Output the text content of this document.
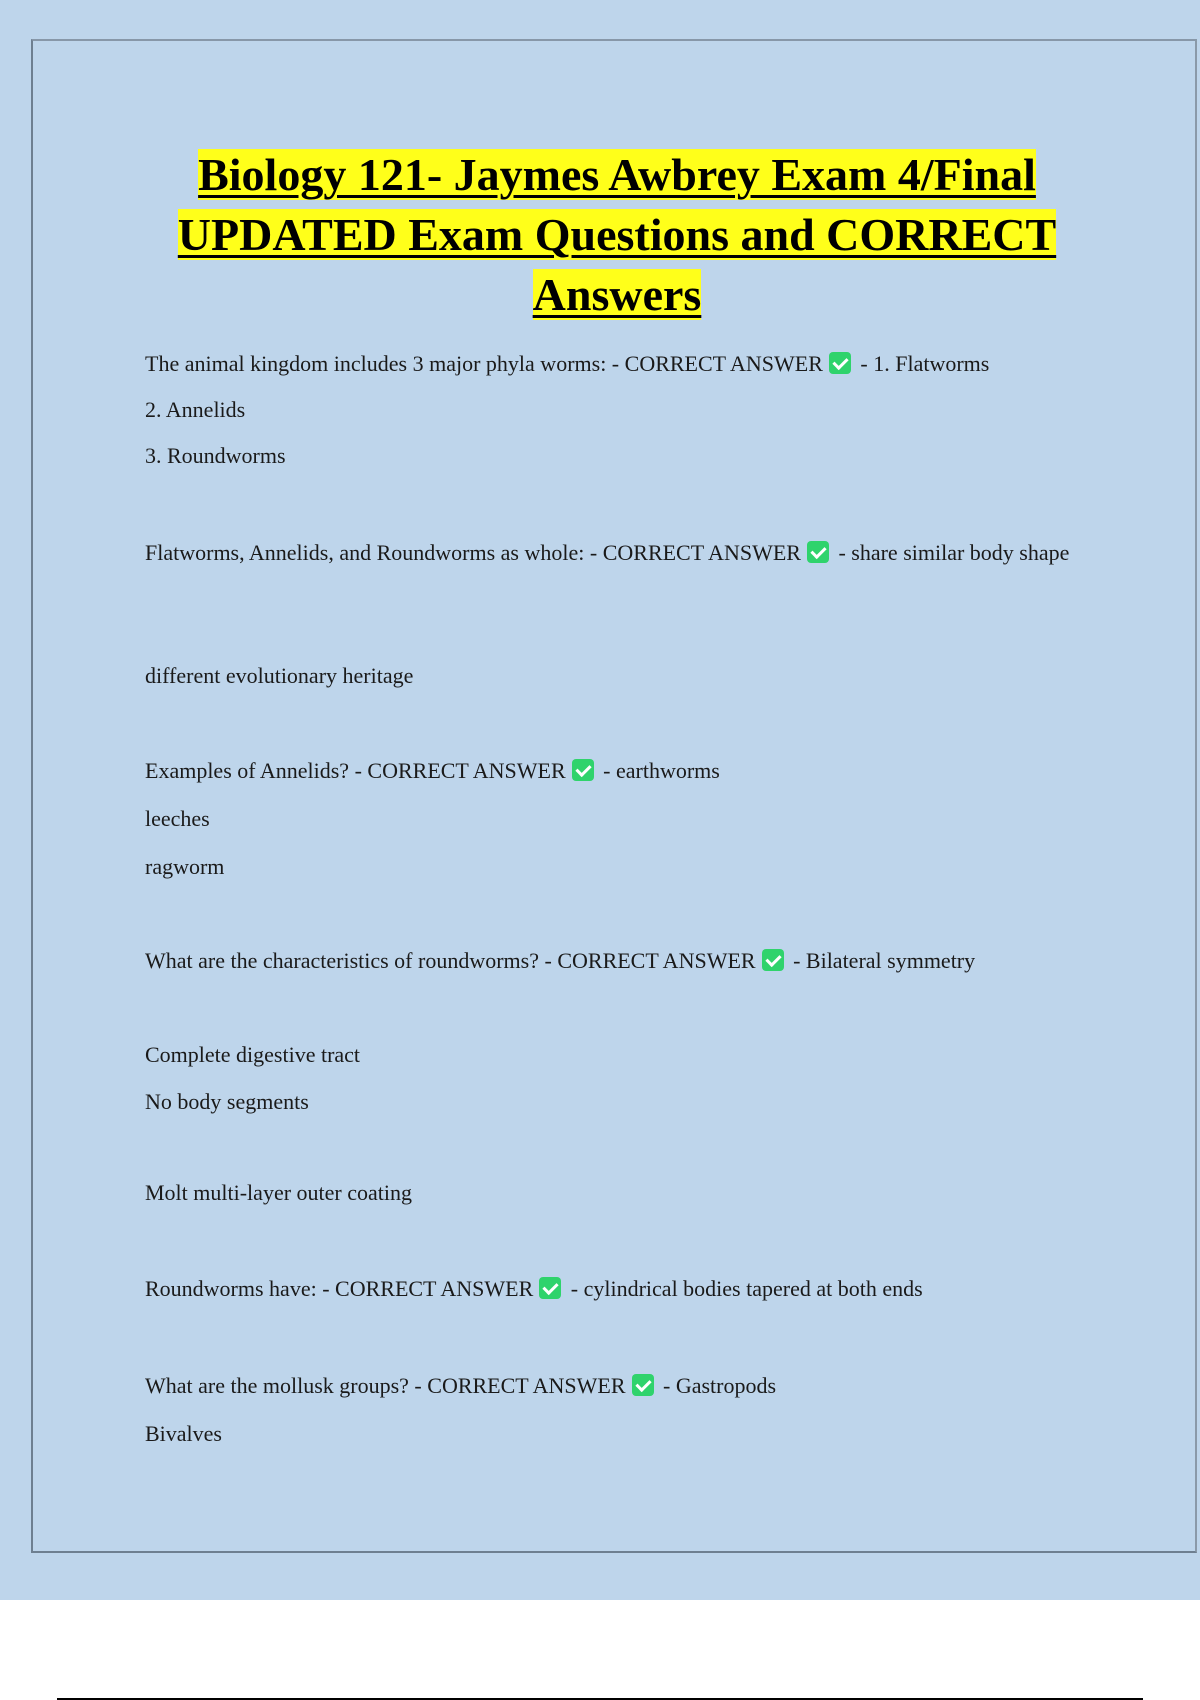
Biology 121- Jaymes Awbrey Exam 4/Final
UPDATED Exam Questions and CORRECT
Answers
The animal kingdom includes 3 major phyla worms: - CORRECT ANSWER - 1. Flatworms
2. Annelids
3. Roundworms
Flatworms, Annelids, and Roundworms as whole: - CORRECT ANSWER - share similar body shape
different evolutionary heritage
Examples of Annelids? - CORRECT ANSWER - earthworms
leeches
ragworm
What are the characteristics of roundworms? - CORRECT ANSWER - Bilateral symmetry
Complete digestive tract
No body segments
Molt multi-layer outer coating
Roundworms have: - CORRECT ANSWER - cylindrical bodies tapered at both ends
What are the mollusk groups? - CORRECT ANSWER - Gastropods
Bivalves
